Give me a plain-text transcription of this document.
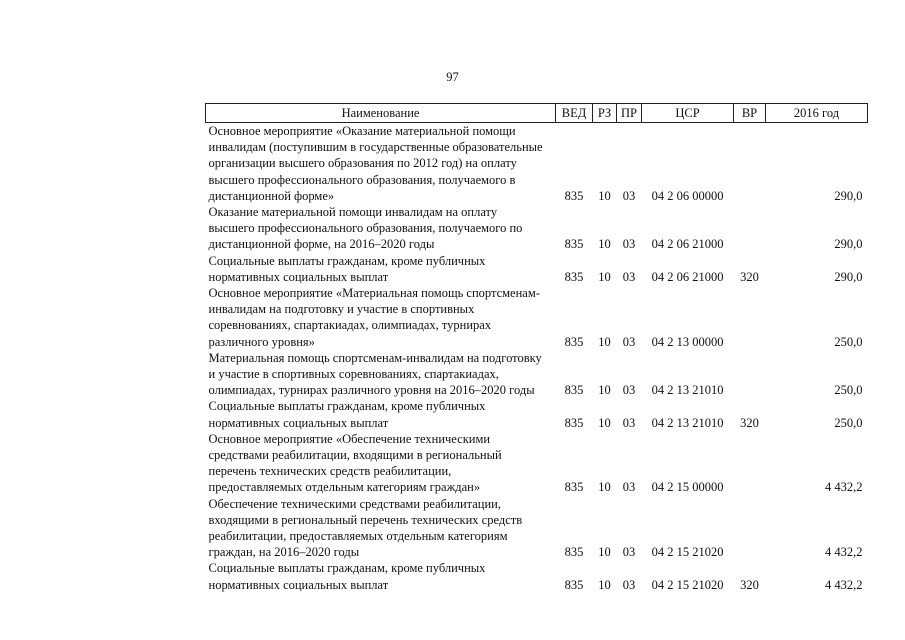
97
Наименование	ВЕД	РЗ	ПР	ЦСР	ВР	2016 год

Основное мероприятие «Оказание материальной помощи
инвалидам (поступившим в государственные образовательные
организации высшего образования по 2012 год) на оплату
высшего профессионального образования, получаемого в
дистанционной форме»	835	10	03	04 2 06 00000		290,0

Оказание материальной помощи инвалидам на оплату
высшего профессионального образования, получаемого по
дистанционной форме, на 2016–2020 годы	835	10	03	04 2 06 21000		290,0

Социальные выплаты гражданам, кроме публичных
нормативных социальных выплат	835	10	03	04 2 06 21000	320	290,0

Основное мероприятие «Материальная помощь спортсменам-
инвалидам на подготовку и участие в спортивных
соревнованиях, спартакиадах, олимпиадах, турнирах
различного уровня»	835	10	03	04 2 13 00000		250,0

Материальная помощь спортсменам-инвалидам на подготовку
и участие в спортивных соревнованиях, спартакиадах,
олимпиадах, турнирах различного уровня на 2016–2020 годы	835	10	03	04 2 13 21010		250,0

Социальные выплаты гражданам, кроме публичных
нормативных социальных выплат	835	10	03	04 2 13 21010	320	250,0

Основное мероприятие «Обеспечение техническими
средствами реабилитации, входящими в региональный
перечень технических средств реабилитации,
предоставляемых отдельным категориям граждан»	835	10	03	04 2 15 00000		4 432,2

Обеспечение техническими средствами реабилитации,
входящими в региональный перечень технических средств
реабилитации, предоставляемых отдельным категориям
граждан, на 2016–2020 годы	835	10	03	04 2 15 21020		4 432,2

Социальные выплаты гражданам, кроме публичных
нормативных социальных выплат	835	10	03	04 2 15 21020	320	4 432,2
